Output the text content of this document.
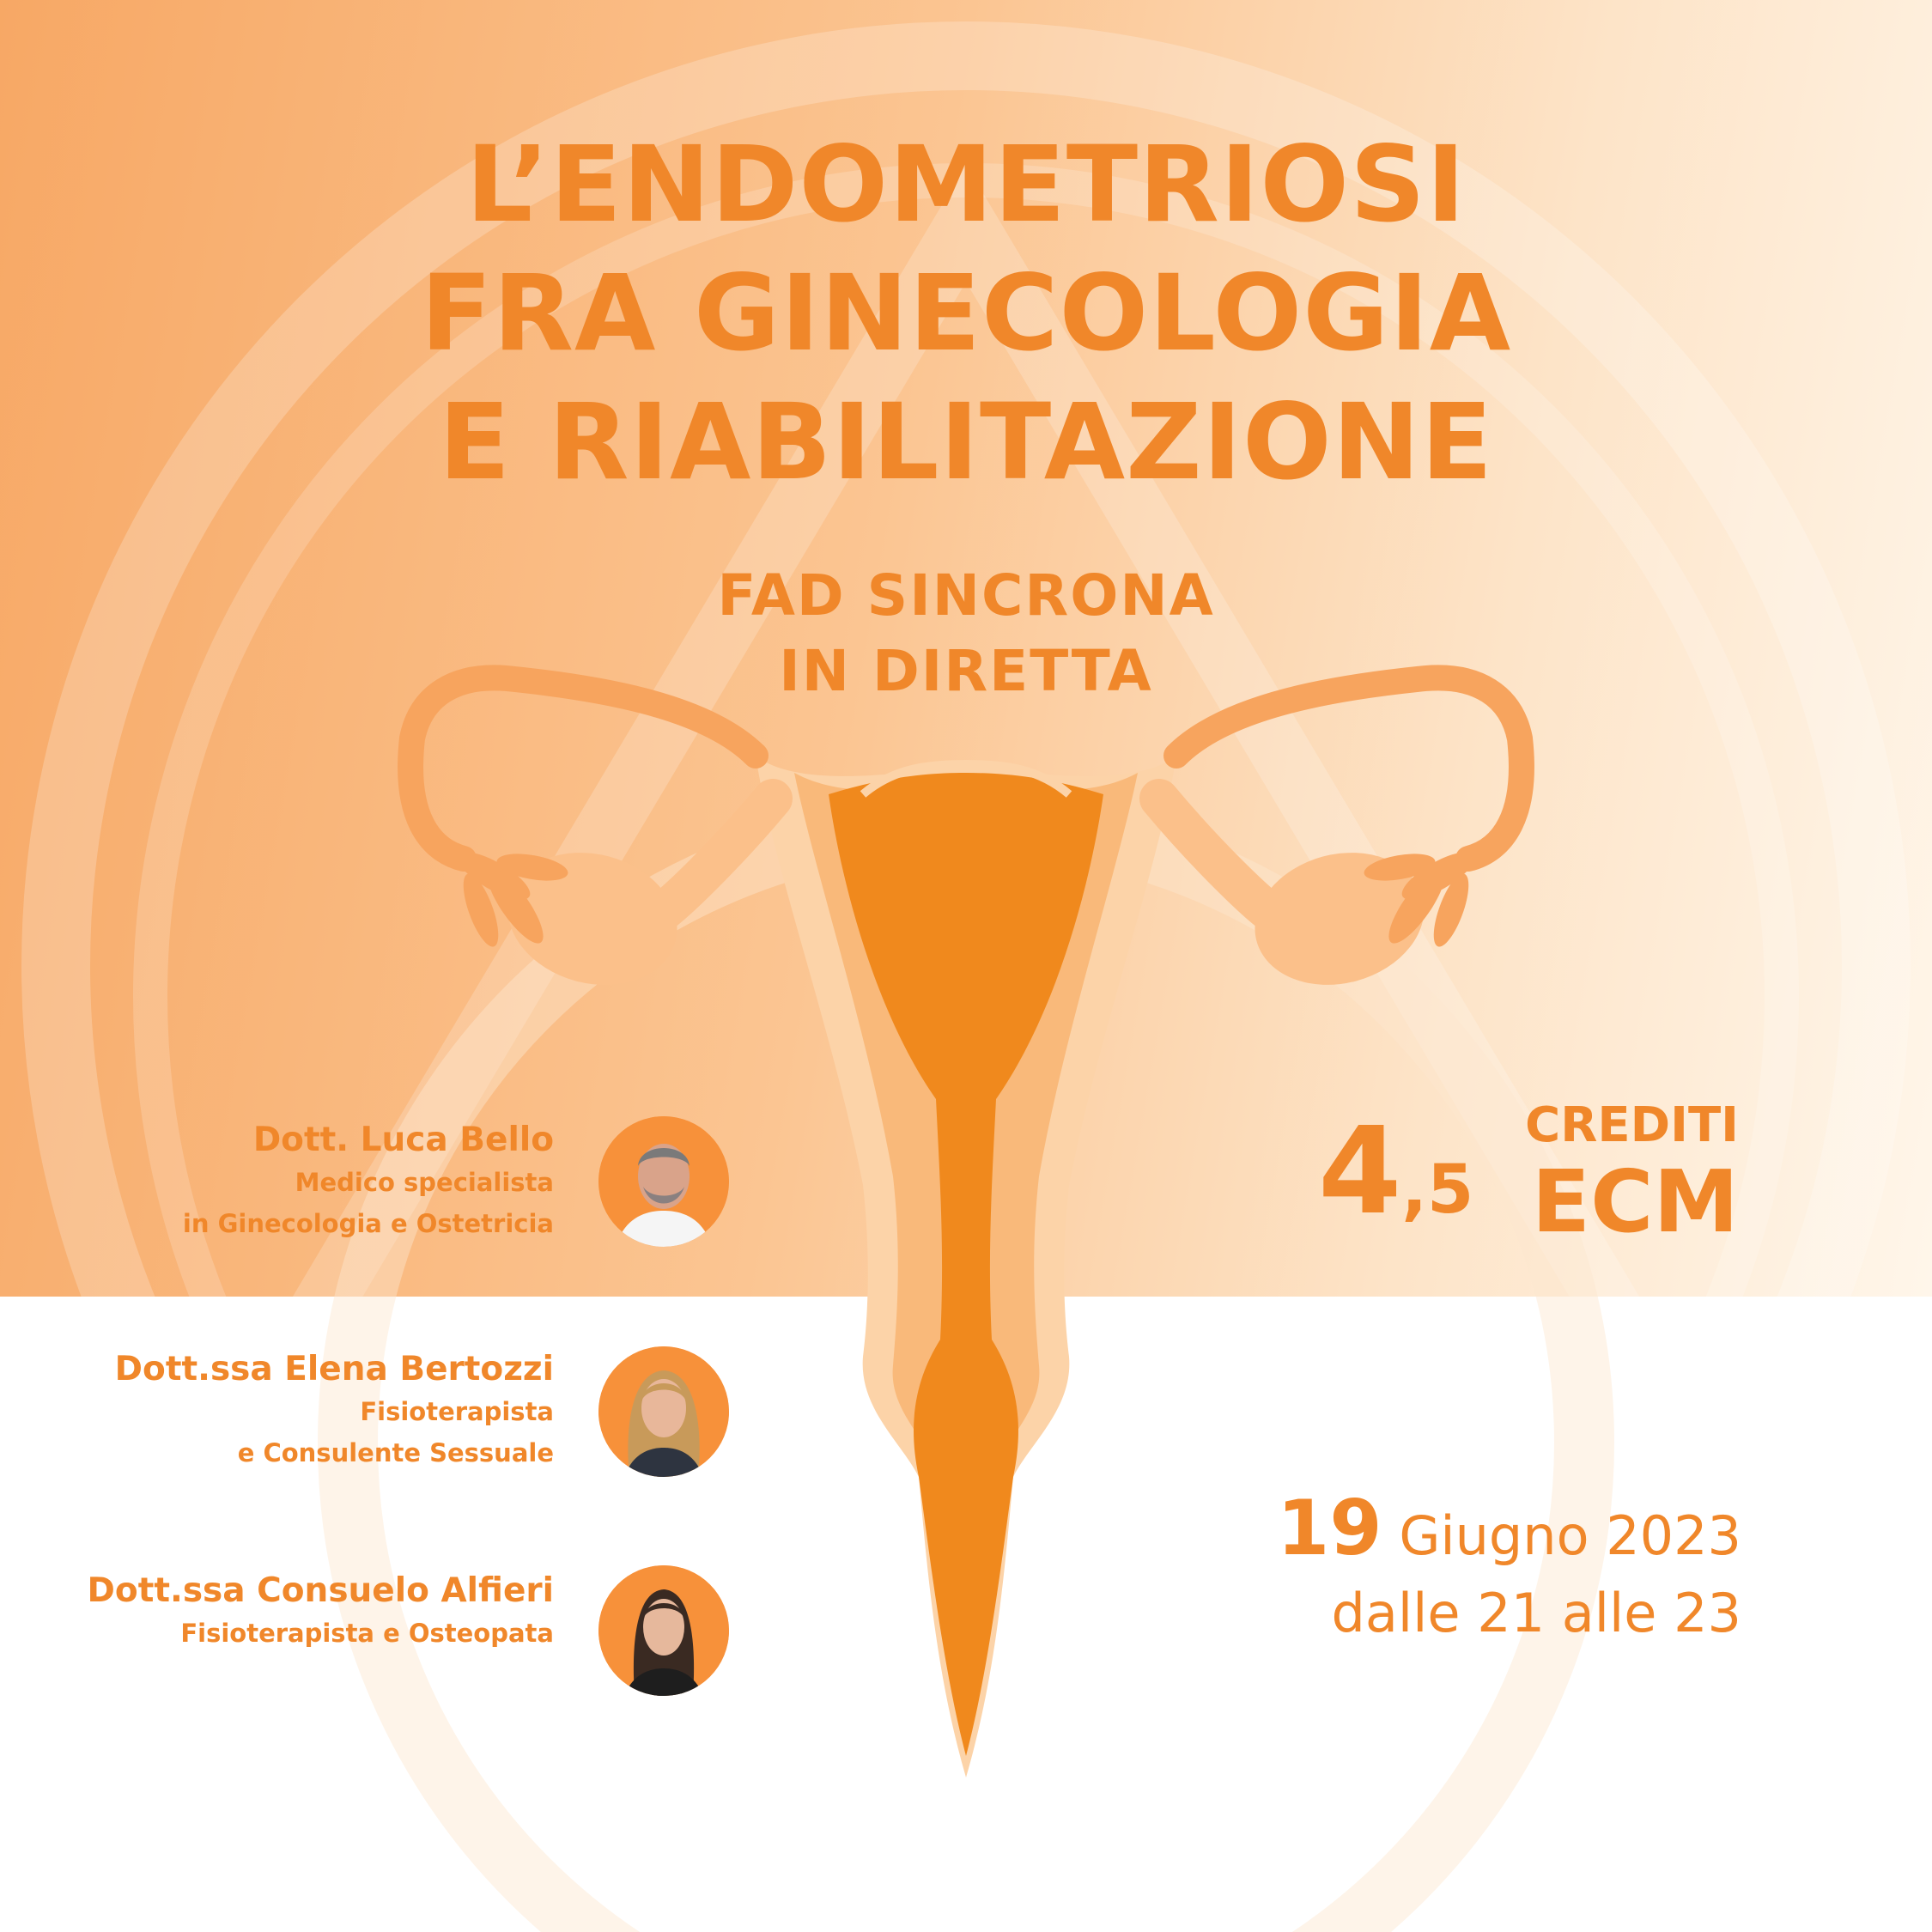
L’ENDOMETRIOSI
FRA GINECOLOGIA
E RIABILITAZIONE
FAD SINCRONA
IN DIRETTA
Dott. Luca Bello
Medico specialista
in Ginecologia e Ostetricia
Dott.ssa Elena Bertozzi
Fisioterapista
e Consulente Sessuale
Dott.ssa Consuelo Alfieri
Fisioterapista e Osteopata
CREDITI
4,5 ECM
19 Giugno 2023
dalle 21 alle 23
